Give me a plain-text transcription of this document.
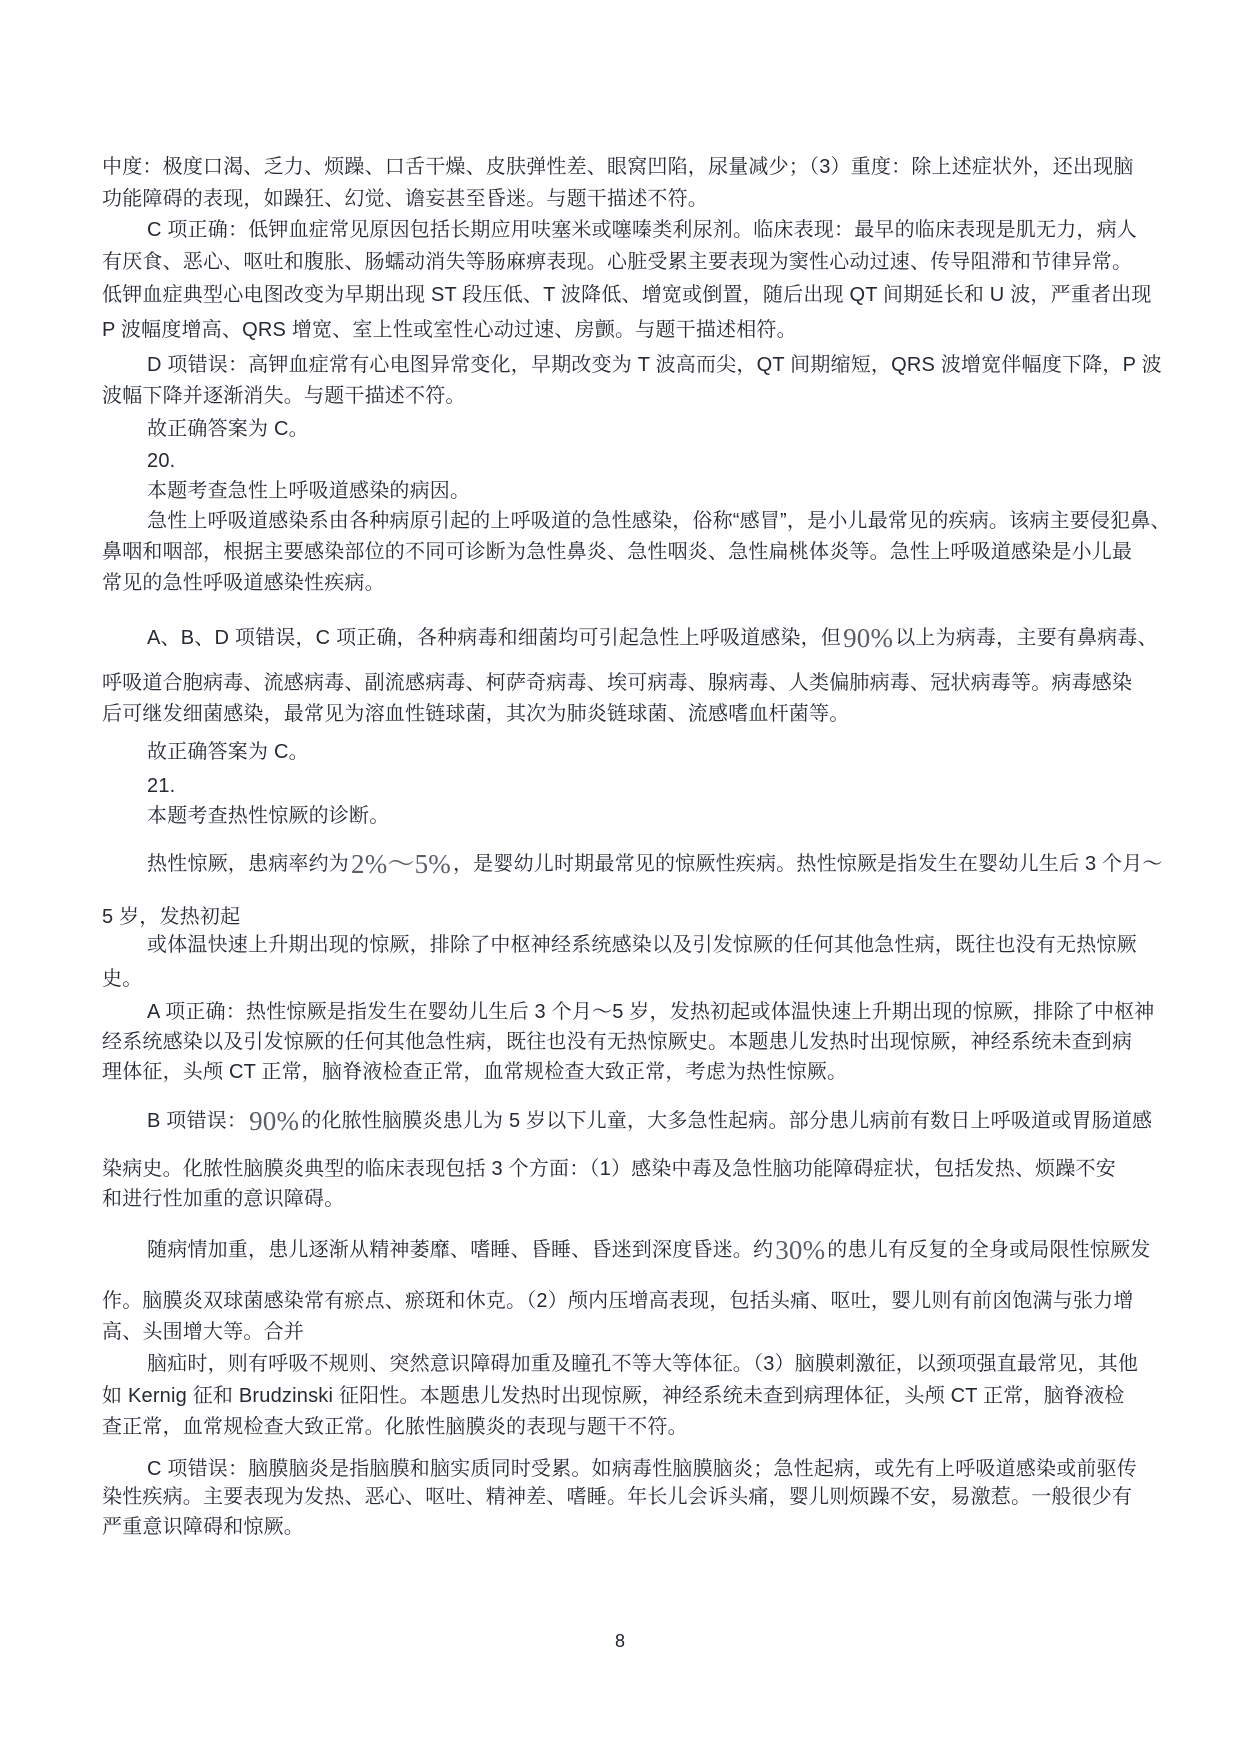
中度：极度口渴、乏力、烦躁、口舌干燥、皮肤弹性差、眼窝凹陷，尿量减少；（3）重度：除上述症状外，还出现脑
功能障碍的表现，如躁狂、幻觉、谵妄甚至昏迷。与题干描述不符。
C 项正确：低钾血症常见原因包括长期应用呋塞米或噻嗪类利尿剂。临床表现：最早的临床表现是肌无力，病人
有厌食、恶心、呕吐和腹胀、肠蠕动消失等肠麻痹表现。心脏受累主要表现为窦性心动过速、传导阻滞和节律异常。
低钾血症典型心电图改变为早期出现 ST 段压低、T 波降低、增宽或倒置，随后出现 QT 间期延长和 U 波，严重者出现
P 波幅度增高、QRS 增宽、室上性或室性心动过速、房颤。与题干描述相符。
D 项错误：高钾血症常有心电图异常变化，早期改变为 T 波高而尖，QT 间期缩短，QRS 波增宽伴幅度下降，P 波
波幅下降并逐渐消失。与题干描述不符。
故正确答案为 C。
20.
本题考查急性上呼吸道感染的病因。
急性上呼吸道感染系由各种病原引起的上呼吸道的急性感染，俗称“感冒”，是小儿最常见的疾病。该病主要侵犯鼻、
鼻咽和咽部，根据主要感染部位的不同可诊断为急性鼻炎、急性咽炎、急性扁桃体炎等。急性上呼吸道感染是小儿最
常见的急性呼吸道感染性疾病。
A、B、D 项错误，C 项正确，各种病毒和细菌均可引起急性上呼吸道感染，但90% 以上为病毒，主要有鼻病毒、
呼吸道合胞病毒、流感病毒、副流感病毒、柯萨奇病毒、埃可病毒、腺病毒、人类偏肺病毒、冠状病毒等。病毒感染
后可继发细菌感染，最常见为溶血性链球菌，其次为肺炎链球菌、流感嗜血杆菌等。
故正确答案为 C。
21.
本题考查热性惊厥的诊断。
热性惊厥，患病率约为2%～5% ，是婴幼儿时期最常见的惊厥性疾病。热性惊厥是指发生在婴幼儿生后 3 个月～
5 岁，发热初起
或体温快速上升期出现的惊厥，排除了中枢神经系统感染以及引发惊厥的任何其他急性病，既往也没有无热惊厥
史。
A 项正确：热性惊厥是指发生在婴幼儿生后 3 个月～5 岁，发热初起或体温快速上升期出现的惊厥，排除了中枢神
经系统感染以及引发惊厥的任何其他急性病，既往也没有无热惊厥史。本题患儿发热时出现惊厥，神经系统未查到病
理体征，头颅 CT 正常，脑脊液检查正常，血常规检查大致正常，考虑为热性惊厥。
B 项错误：90% 的化脓性脑膜炎患儿为 5 岁以下儿童，大多急性起病。部分患儿病前有数日上呼吸道或胃肠道感
染病史。化脓性脑膜炎典型的临床表现包括 3 个方面：（1）感染中毒及急性脑功能障碍症状，包括发热、烦躁不安
和进行性加重的意识障碍。
随病情加重，患儿逐渐从精神萎靡、嗜睡、昏睡、昏迷到深度昏迷。约30% 的患儿有反复的全身或局限性惊厥发
作。脑膜炎双球菌感染常有瘀点、瘀斑和休克。（2）颅内压增高表现，包括头痛、呕吐，婴儿则有前囟饱满与张力增
高、头围增大等。合并
脑疝时，则有呼吸不规则、突然意识障碍加重及瞳孔不等大等体征。（3）脑膜刺激征，以颈项强直最常见，其他
如 Kernig 征和 Brudzinski 征阳性。本题患儿发热时出现惊厥，神经系统未查到病理体征，头颅 CT 正常，脑脊液检
查正常，血常规检查大致正常。化脓性脑膜炎的表现与题干不符。
C 项错误：脑膜脑炎是指脑膜和脑实质同时受累。如病毒性脑膜脑炎；急性起病，或先有上呼吸道感染或前驱传
染性疾病。主要表现为发热、恶心、呕吐、精神差、嗜睡。年长儿会诉头痛，婴儿则烦躁不安，易激惹。一般很少有
严重意识障碍和惊厥。
8
